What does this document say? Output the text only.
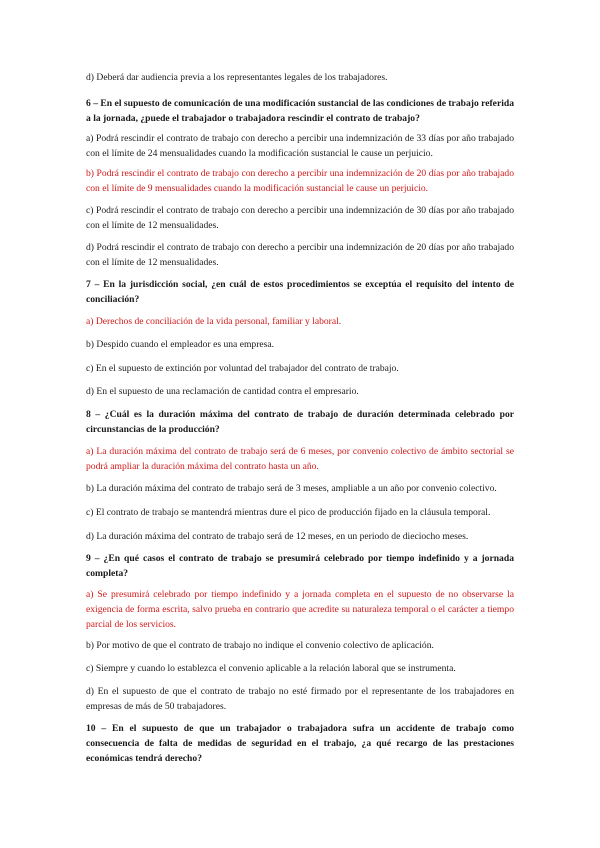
d) Deberá dar audiencia previa a los representantes legales de los trabajadores.

6 – En el supuesto de comunicación de una modificación sustancial de las condiciones de trabajo referida a la jornada, ¿puede el trabajador o trabajadora rescindir el contrato de trabajo?

a) Podrá rescindir el contrato de trabajo con derecho a percibir una indemnización de 33 días por año trabajado con el límite de 24 mensualidades cuando la modificación sustancial le cause un perjuicio.

b) Podrá rescindir el contrato de trabajo con derecho a percibir una indemnización de 20 días por año trabajado con el límite de 9 mensualidades cuando la modificación sustancial le cause un perjuicio.

c) Podrá rescindir el contrato de trabajo con derecho a percibir una indemnización de 30 días por año trabajado con el límite de 12 mensualidades.

d) Podrá rescindir el contrato de trabajo con derecho a percibir una indemnización de 20 días por año trabajado con el límite de 12 mensualidades.

7 – En la jurisdicción social, ¿en cuál de estos procedimientos se exceptúa el requisito del intento de conciliación?

a) Derechos de conciliación de la vida personal, familiar y laboral.

b) Despido cuando el empleador es una empresa.

c) En el supuesto de extinción por voluntad del trabajador del contrato de trabajo.

d) En el supuesto de una reclamación de cantidad contra el empresario.

8 – ¿Cuál es la duración máxima del contrato de trabajo de duración determinada celebrado por circunstancias de la producción?

a) La duración máxima del contrato de trabajo será de 6 meses, por convenio colectivo de ámbito sectorial se podrá ampliar la duración máxima del contrato hasta un año.

b) La duración máxima del contrato de trabajo será de 3 meses, ampliable a un año por convenio colectivo.

c) El contrato de trabajo se mantendrá mientras dure el pico de producción fijado en la cláusula temporal.

d) La duración máxima del contrato de trabajo será de 12 meses, en un periodo de dieciocho meses.

9 – ¿En qué casos el contrato de trabajo se presumirá celebrado por tiempo indefinido y a jornada completa?

a) Se presumirá celebrado por tiempo indefinido y a jornada completa en el supuesto de no observarse la exigencia de forma escrita, salvo prueba en contrario que acredite su naturaleza temporal o el carácter a tiempo parcial de los servicios.

b) Por motivo de que el contrato de trabajo no indique el convenio colectivo de aplicación.

c) Siempre y cuando lo establezca el convenio aplicable a la relación laboral que se instrumenta.

d) En el supuesto de que el contrato de trabajo no esté firmado por el representante de los trabajadores en empresas de más de 50 trabajadores.

10 – En el supuesto de que un trabajador o trabajadora sufra un accidente de trabajo como consecuencia de falta de medidas de seguridad en el trabajo, ¿a qué recargo de las prestaciones económicas tendrá derecho?
